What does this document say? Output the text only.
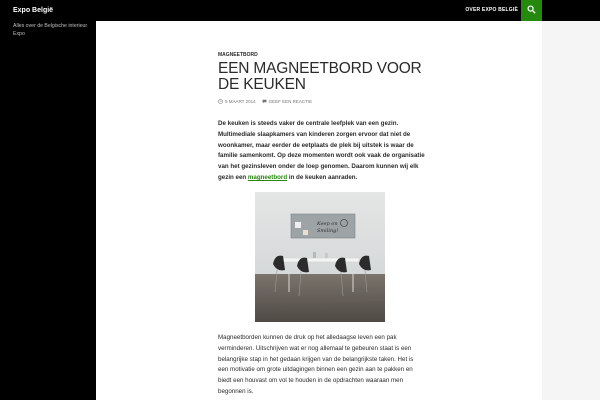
Expo België
Alles over de Belgische interieur Expo
OVER EXPO BELGIË
MAGNEETBORD
EEN MAGNEETBORD VOOR DE KEUKEN
5 MAART 2014	GEEF EEN REACTIE

De keuken is steeds vaker de centrale leefplek van een gezin. Multimediale slaapkamers van kinderen zorgen ervoor dat niet de woonkamer, maar eerder de eetplaats de plek bij uitstek is waar de familie samenkomt. Op deze momenten wordt ook vaak de organisatie van het gezinsleven onder de loep genomen. Daarom kunnen wij elk gezin een magneetbord in de keuken aanraden.

Keep on
Smiling!

Magneetborden kunnen de druk op het alledaagse leven een pak verminderen. Uitschrijven wat er nog allemaal te gebeuren staat is een belangrijke stap in het gedaan krijgen van de belangrijkste taken. Het is een motivatie om grote uitdagingen binnen een gezin aan te pakken en biedt een houvast om vol te houden in de opdrachten waaraan men begonnen is.
